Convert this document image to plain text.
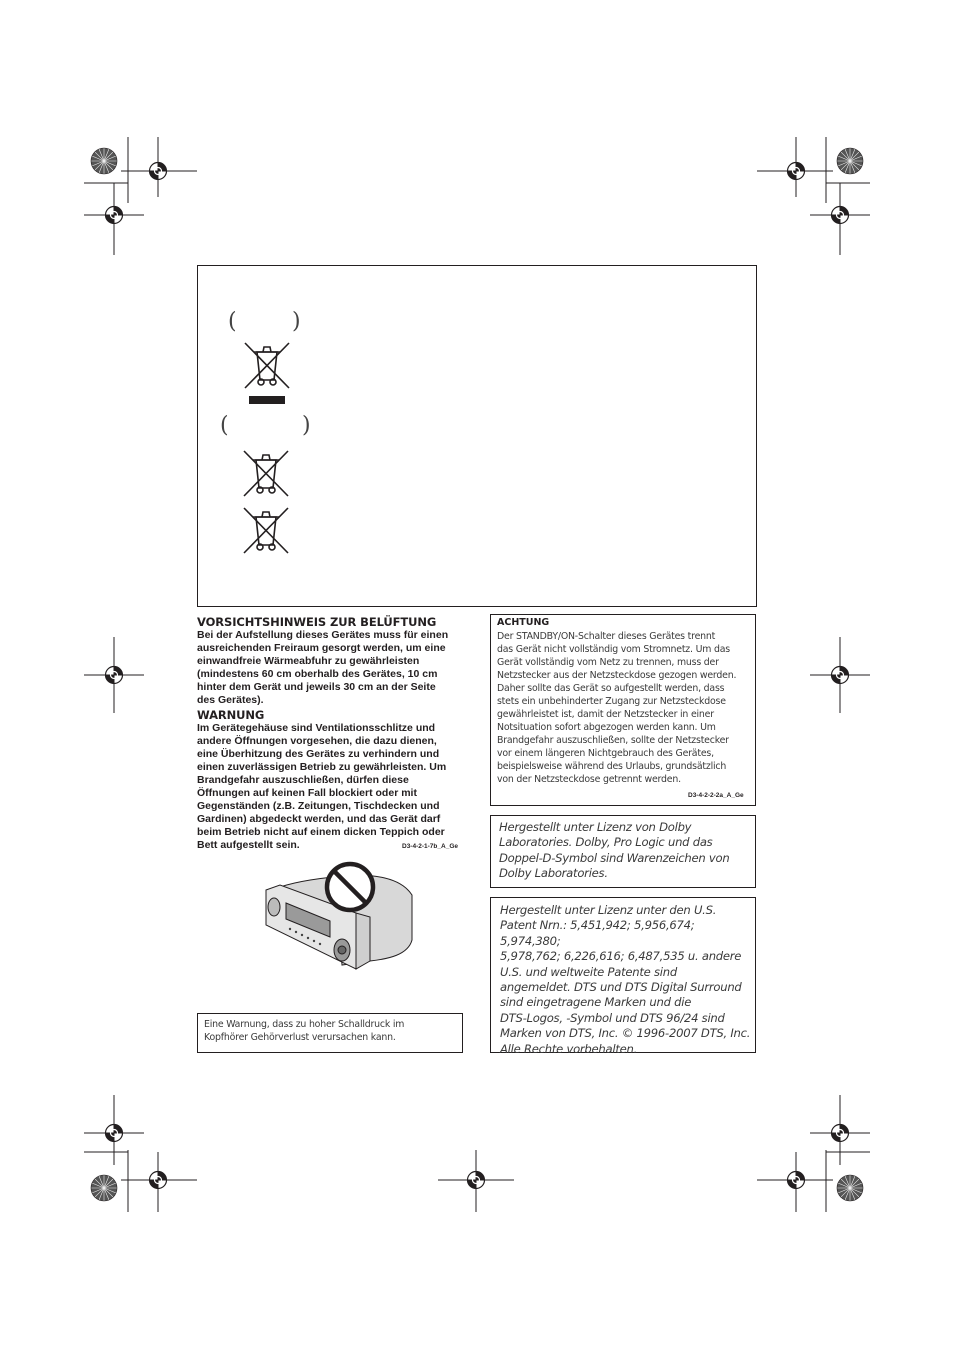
(	)
(	)
VORSICHTSHINWEIS ZUR BELÜFTUNG
Bei der Aufstellung dieses Gerätes muss für einen
ausreichenden Freiraum gesorgt werden, um eine
einwandfreie Wärmeabfuhr zu gewährleisten
(mindestens 60 cm oberhalb des Gerätes, 10 cm
hinter dem Gerät und jeweils 30 cm an der Seite
des Gerätes).
WARNUNG
Im Gerätegehäuse sind Ventilationsschlitze und
andere Öffnungen vorgesehen, die dazu dienen,
eine Überhitzung des Gerätes zu verhindern und
einen zuverlässigen Betrieb zu gewährleisten. Um
Brandgefahr auszuschließen, dürfen diese
Öffnungen auf keinen Fall blockiert oder mit
Gegenständen (z.B. Zeitungen, Tischdecken und
Gardinen) abgedeckt werden, und das Gerät darf
beim Betrieb nicht auf einem dicken Teppich oder
Bett aufgestellt sein.	D3-4-2-1-7b_A_Ge
Eine Warnung, dass zu hoher Schalldruck im
Kopfhörer Gehörverlust verursachen kann.
ACHTUNG
Der STANDBY/ON-Schalter dieses Gerätes trennt
das Gerät nicht vollständig vom Stromnetz. Um das
Gerät vollständig vom Netz zu trennen, muss der
Netzstecker aus der Netzsteckdose gezogen werden.
Daher sollte das Gerät so aufgestellt werden, dass
stets ein unbehinderter Zugang zur Netzsteckdose
gewährleistet ist, damit der Netzstecker in einer
Notsituation sofort abgezogen werden kann. Um
Brandgefahr auszuschließen, sollte der Netzstecker
vor einem längeren Nichtgebrauch des Gerätes,
beispielsweise während des Urlaubs, grundsätzlich
von der Netzsteckdose getrennt werden.
D3-4-2-2-2a_A_Ge
Hergestellt unter Lizenz von Dolby
Laboratories. Dolby, Pro Logic und das
Doppel-D-Symbol sind Warenzeichen von
Dolby Laboratories.
Hergestellt unter Lizenz unter den U.S.
Patent Nrn.: 5,451,942; 5,956,674; 5,974,380;
5,978,762; 6,226,616; 6,487,535 u. andere
U.S. und weltweite Patente sind
angemeldet. DTS und DTS Digital Surround
sind eingetragene Marken und die
DTS-Logos, -Symbol und DTS 96/24 sind
Marken von DTS, Inc. © 1996-2007 DTS, Inc.
Alle Rechte vorbehalten.
